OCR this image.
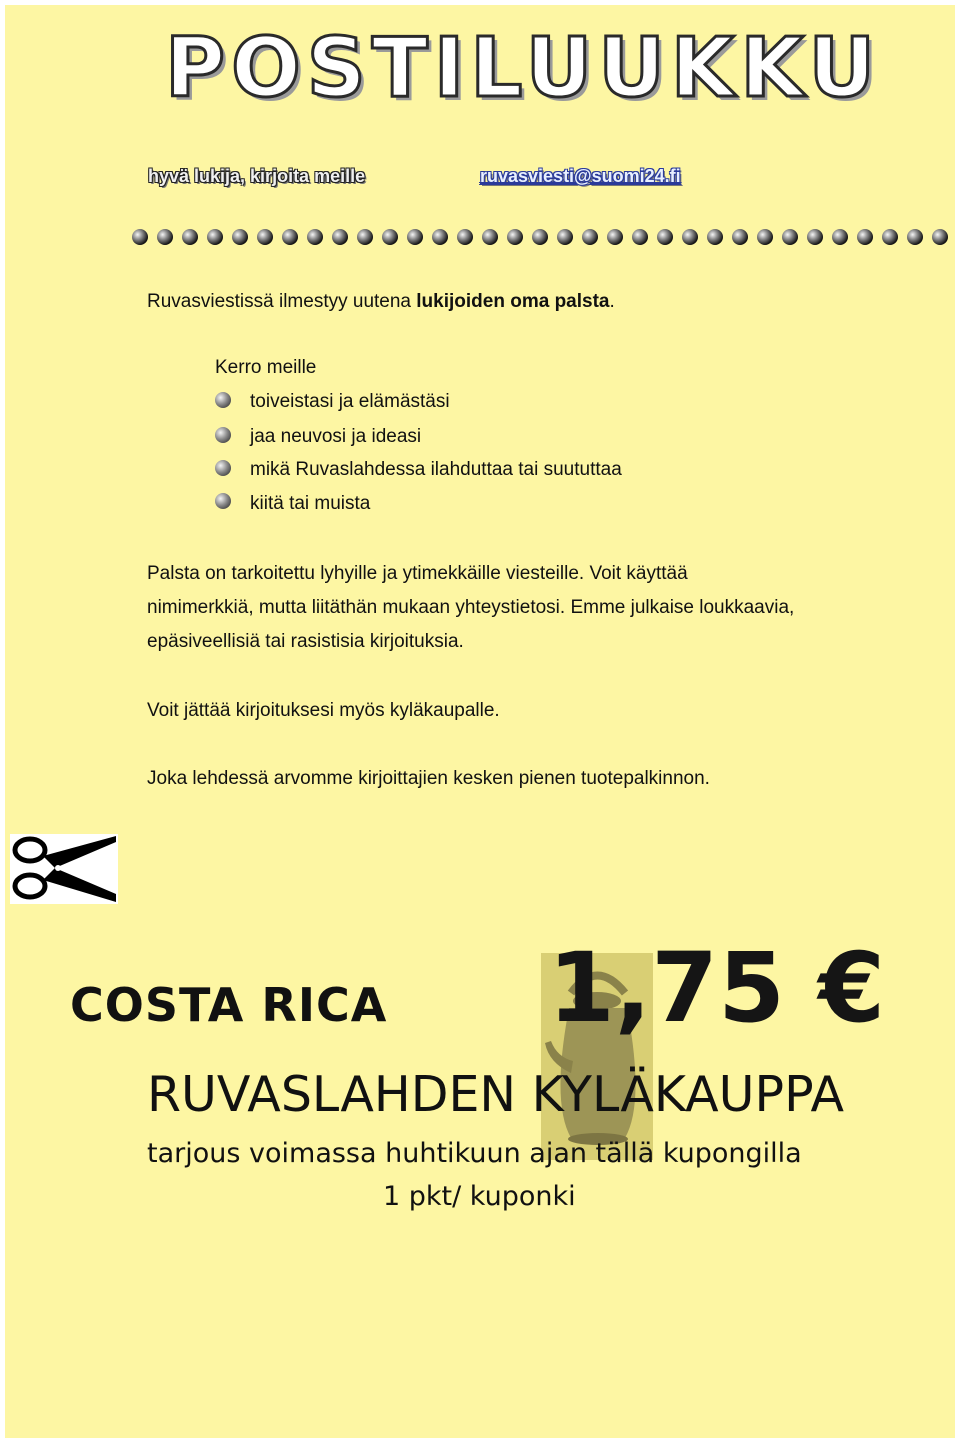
POSTILUUKKU
hyvä lukija, kirjoita meille	ruvasviesti@suomi24.fi
Ruvasviestissä ilmestyy uutena lukijoiden oma palsta.
Kerro meille
toiveistasi ja elämästäsi
jaa neuvosi ja ideasi
mikä Ruvaslahdessa ilahduttaa tai suututtaa
kiitä tai muista
Palsta on tarkoitettu lyhyille ja ytimekkäille viesteille. Voit käyttää
nimimerkkiä, mutta liitäthän mukaan yhteystietosi. Emme julkaise loukkaavia,
epäsiveellisiä tai rasistisia kirjoituksia.
Voit jättää kirjoituksesi myös kyläkaupalle.
Joka lehdessä arvomme kirjoittajien kesken pienen tuotepalkinnon.
COSTA RICA 1,75 €
RUVASLAHDEN KYLÄKAUPPA
tarjous voimassa huhtikuun ajan tällä kupongilla
1 pkt/ kuponki
